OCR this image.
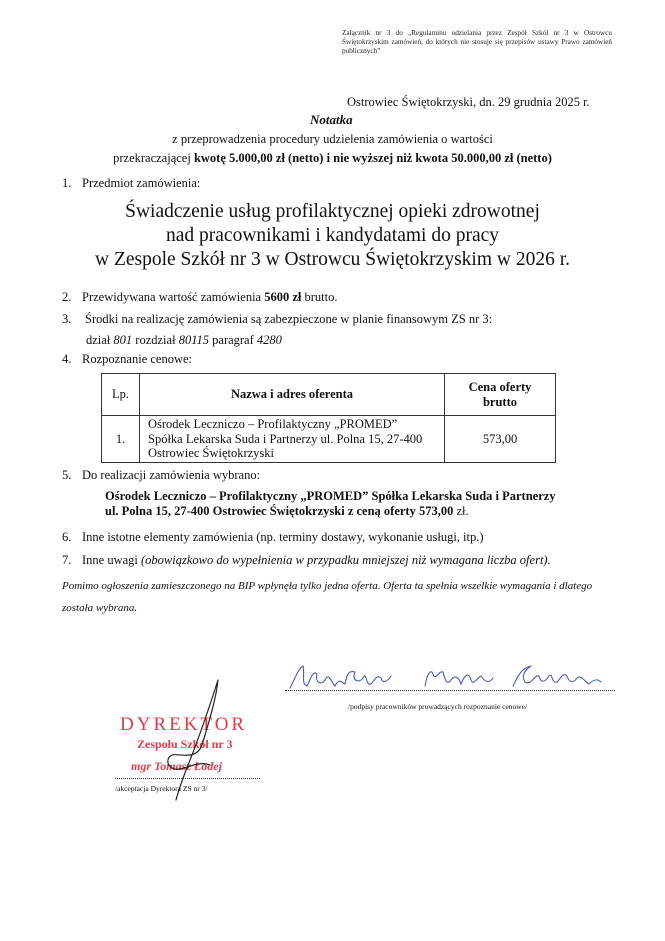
Załącznik nr 3 do „Regulaminu udzielania przez Zespół Szkół nr 3 w Ostrowcu Świętokrzyskim zamówień, do których nie stosuje się przepisów ustawy Prawo zamówień publicznych”
Ostrowiec Świętokrzyski, dn. 29 grudnia 2025 r.
Notatka
z przeprowadzenia procedury udzielenia zamówienia o wartości
przekraczającej kwotę 5.000,00 zł (netto) i nie wyższej niż kwota 50.000,00 zł (netto)
1. Przedmiot zamówienia:
Świadczenie usług profilaktycznej opieki zdrowotnej
nad pracownikami i kandydatami do pracy
w Zespole Szkół nr 3 w Ostrowcu Świętokrzyskim w 2026 r.
2. Przewidywana wartość zamówienia 5600 zł brutto.
3. Środki na realizację zamówienia są zabezpieczone w planie finansowym ZS nr 3:
dział 801 rozdział 80115 paragraf 4280
4. Rozpoznanie cenowe:
Lp.	Nazwa i adres oferenta	Cena oferty
brutto

1.	Ośrodek Leczniczo – Profilaktyczny „PROMED”
Spółka Lekarska Suda i Partnerzy ul. Polna 15, 27-400
Ostrowiec Świętokrzyski	573,00
5. Do realizacji zamówienia wybrano:
Ośrodek Leczniczo – Profilaktyczny „PROMED” Spółka Lekarska Suda i Partnerzy
ul. Polna 15, 27-400 Ostrowiec Świętokrzyski z ceną oferty 573,00 zł.
6. Inne istotne elementy zamówienia (np. terminy dostawy, wykonanie usługi, itp.)
7. Inne uwagi (obowiązkowo do wypełnienia w przypadku mniejszej niż wymagana liczba ofert).
Pomimo ogłoszenia zamieszczonego na BIP wpłynęła tylko jedna oferta. Oferta ta spełnia wszelkie wymagania i dlatego została wybrana.
/podpisy pracowników prowadzących rozpoznanie cenowe/
DYREKTOR
Zespołu Szkół nr 3
mgr Tomasz Łodej
/akceptacja Dyrektora ZS nr 3/
